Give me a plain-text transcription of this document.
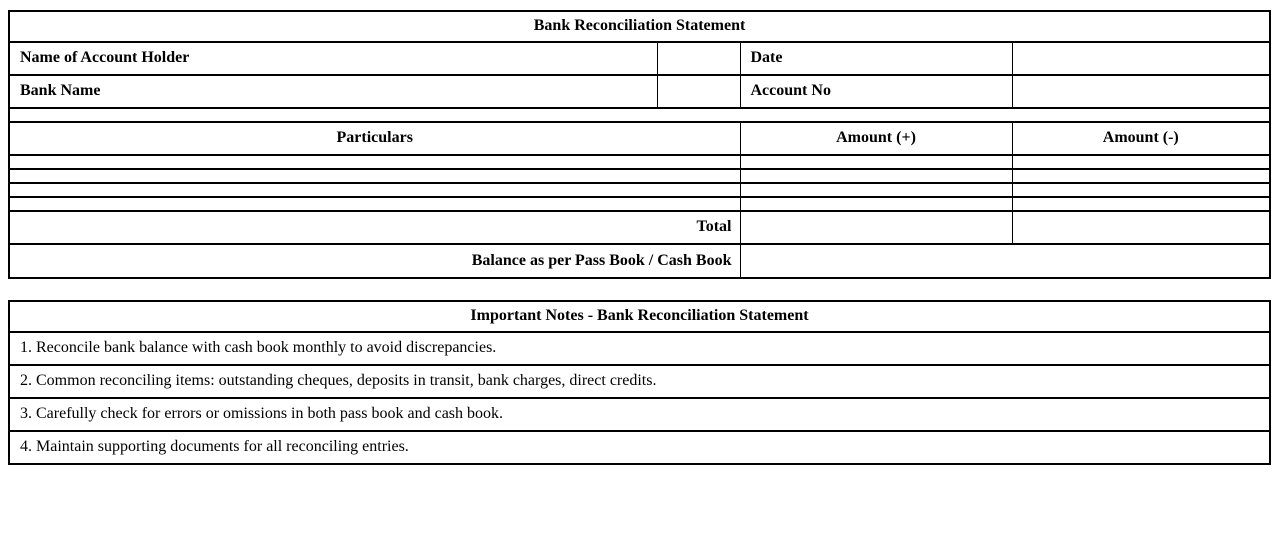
Bank Reconciliation Statement			
Name of Account Holder		Date	
Bank Name		Account No	

Particulars		Amount (+)	Amount (-)

Total			
Balance as per Pass Book / Cash Book			
Important Notes - Bank Reconciliation Statement
1. Reconcile bank balance with cash book monthly to avoid discrepancies.
2. Common reconciling items: outstanding cheques, deposits in transit, bank charges, direct credits.
3. Carefully check for errors or omissions in both pass book and cash book.
4. Maintain supporting documents for all reconciling entries.
